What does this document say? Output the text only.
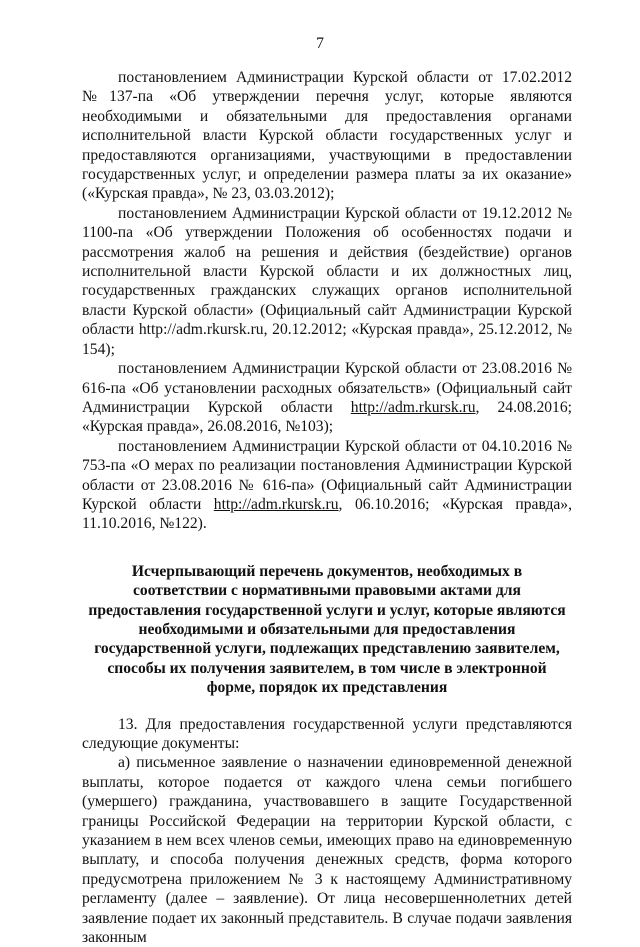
7

постановлением Администрации Курской области от 17.02.2012 №137-па «Об утверждении перечня услуг, которые являются необходимыми и обязательными для предоставления органами исполнительной власти Курской области государственных услуг и предоставляются организациями, участвующими в предоставлении государственных услуг, и определении размера платы за их оказание» («Курская правда», № 23, 03.03.2012);

постановлением Администрации Курской области от 19.12.2012 № 1100-па «Об утверждении Положения об особенностях подачи и рассмотрения жалоб на решения и действия (бездействие) органов исполнительной власти Курской области и их должностных лиц, государственных гражданских служащих органов исполнительной власти Курской области» (Официальный сайт Администрации Курской области http://adm.rkursk.ru, 20.12.2012; «Курская правда», 25.12.2012, № 154);

постановлением Администрации Курской области от 23.08.2016 № 616-па «Об установлении расходных обязательств» (Официальный сайт Администрации Курской области http://adm.rkursk.ru, 24.08.2016; «Курская правда», 26.08.2016, №103);

постановлением Администрации Курской области от 04.10.2016 № 753-па «О мерах по реализации постановления Администрации Курской области от 23.08.2016 № 616-па» (Официальный сайт Администрации Курской области http://adm.rkursk.ru, 06.10.2016; «Курская правда», 11.10.2016, №122).

Исчерпывающий перечень документов, необходимых в соответствии с нормативными правовыми актами для предоставления государственной услуги и услуг, которые являются необходимыми и обязательными для предоставления государственной услуги, подлежащих представлению заявителем, способы их получения заявителем, в том числе в электронной форме, порядок их представления

13. Для предоставления государственной услуги представляются следующие документы:

а) письменное заявление о назначении единовременной денежной выплаты, которое подается от каждого члена семьи погибшего (умершего) гражданина, участвовавшего в защите Государственной границы Российской Федерации на территории Курской области, с указанием в нем всех членов семьи, имеющих право на единовременную выплату, и способа получения денежных средств, форма которого предусмотрена приложением № 3 к настоящему Административному регламенту (далее – заявление). От лица несовершеннолетних детей заявление подает их законный представитель. В случае подачи заявления законным
